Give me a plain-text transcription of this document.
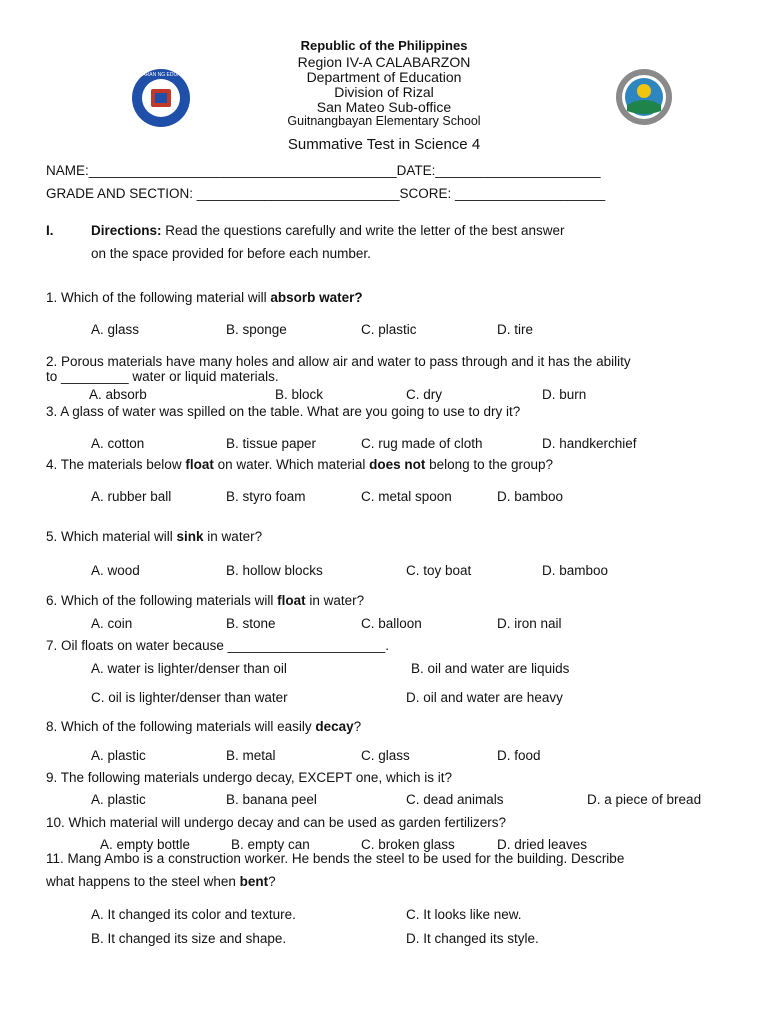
KAGAWARAN NG EDUKASYON
Republic of the Philippines
Region IV-A CALABARZON
Department of Education
Division of Rizal
San Mateo Sub-office
Guitnangbayan Elementary School
Summative Test in Science 4
NAME:_________________________________________DATE:______________________
GRADE AND SECTION: ___________________________SCORE: ____________________
I.	Directions: Read the questions carefully and write the letter of the best answer
on the space provided for before each number.
1. Which of the following material will absorb water?
A. glass	B. sponge	C. plastic	D. tire
2. Porous materials have many holes and allow air and water to pass through and it has the ability
to _________ water or liquid materials.
A. absorb	B. block	C. dry	D. burn
3. A glass of water was spilled on the table. What are you going to use to dry it?
A. cotton	B. tissue paper	C. rug made of cloth	D. handkerchief
4. The materials below float on water. Which material does not belong to the group?
A. rubber ball	B. styro foam	C. metal spoon	D. bamboo
5. Which material will sink in water?
A. wood	B. hollow blocks	C. toy boat	D. bamboo
6. Which of the following materials will float in water?
A. coin	B. stone	C. balloon	D. iron nail
7. Oil floats on water because _____________________.
A. water is lighter/denser than oil	B. oil and water are liquids
C. oil is lighter/denser than water	D. oil and water are heavy
8. Which of the following materials will easily decay?
A. plastic	B. metal	C. glass	D. food
9. The following materials undergo decay, EXCEPT one, which is it?
A. plastic	B. banana peel	C. dead animals	D. a piece of bread
10. Which material will undergo decay and can be used as garden fertilizers?
A. empty bottle	B. empty can	C. broken glass	D. dried leaves
11. Mang Ambo is a construction worker. He bends the steel to be used for the building. Describe
what happens to the steel when bent?
A. It changed its color and texture.	C. It looks like new.
B. It changed its size and shape.	D. It changed its style.
